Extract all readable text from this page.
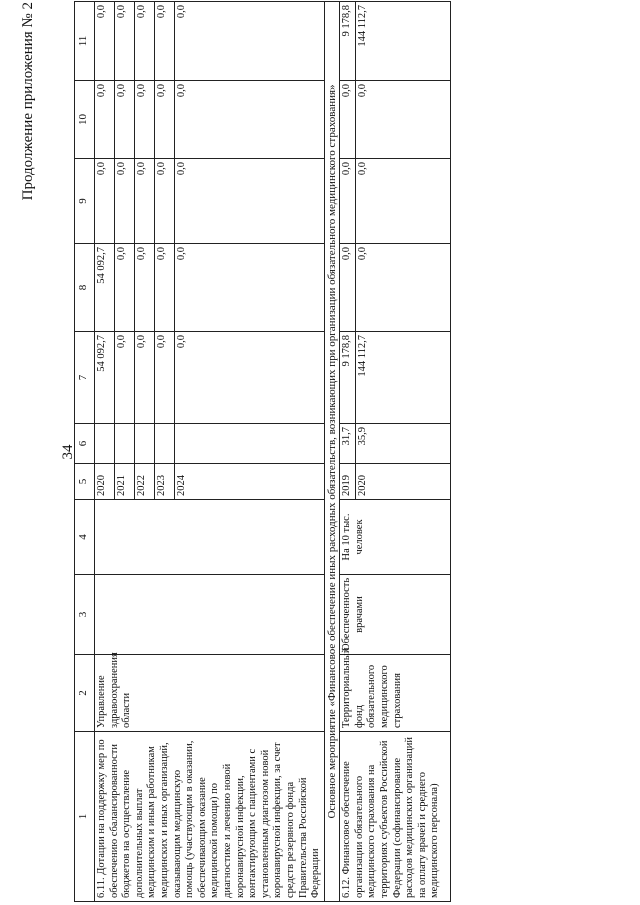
Продолжение приложения № 2
34
1	2	3	4	5	6	7	8	9	10	11
6.11. Дотации на поддержку мер по обеспечению сбалансированности бюджетов на осуществление дополнительных выплат медицинским и иным работникам медицинских и иных организаций, оказывающим медицинскую помощь (участвующим в оказании, обеспечивающим оказание медицинской помощи) по диагностике и лечению новой коронавирусной инфекции, контактирующим с пациентами с установленным диагнозом новой коронавирусной инфекции, за счет средств резервного фонда Правительства Российской Федерации	Управление здравоохранения области			2020		54 092,7	54 092,7	0,0	0,0	0,0
				2021		0,0	0,0	0,0	0,0	0,0
				2022		0,0	0,0	0,0	0,0	0,0
				2023		0,0	0,0	0,0	0,0	0,0
				2024		0,0	0,0	0,0	0,0	0,0
Основное мероприятие «Финансовое обеспечение иных расходных обязательств, возникающих при организации обязательного медицинского страхования»										
6.12. Финансовое обеспечение организации обязательного медицинского страхования на территориях субъектов Российской Федерации (софинансирование расходов медицинских организаций на оплату врачей и среднего медицинского персонала)	Территориальный фонд обязательного медицинского страхования	Обеспеченность врачами	На 10 тыс. человек	2019	31,7	9 178,8	0,0	0,0	0,0	9 178,8
				2020	35,9	144 112,7	0,0	0,0	0,0	144 112,7
